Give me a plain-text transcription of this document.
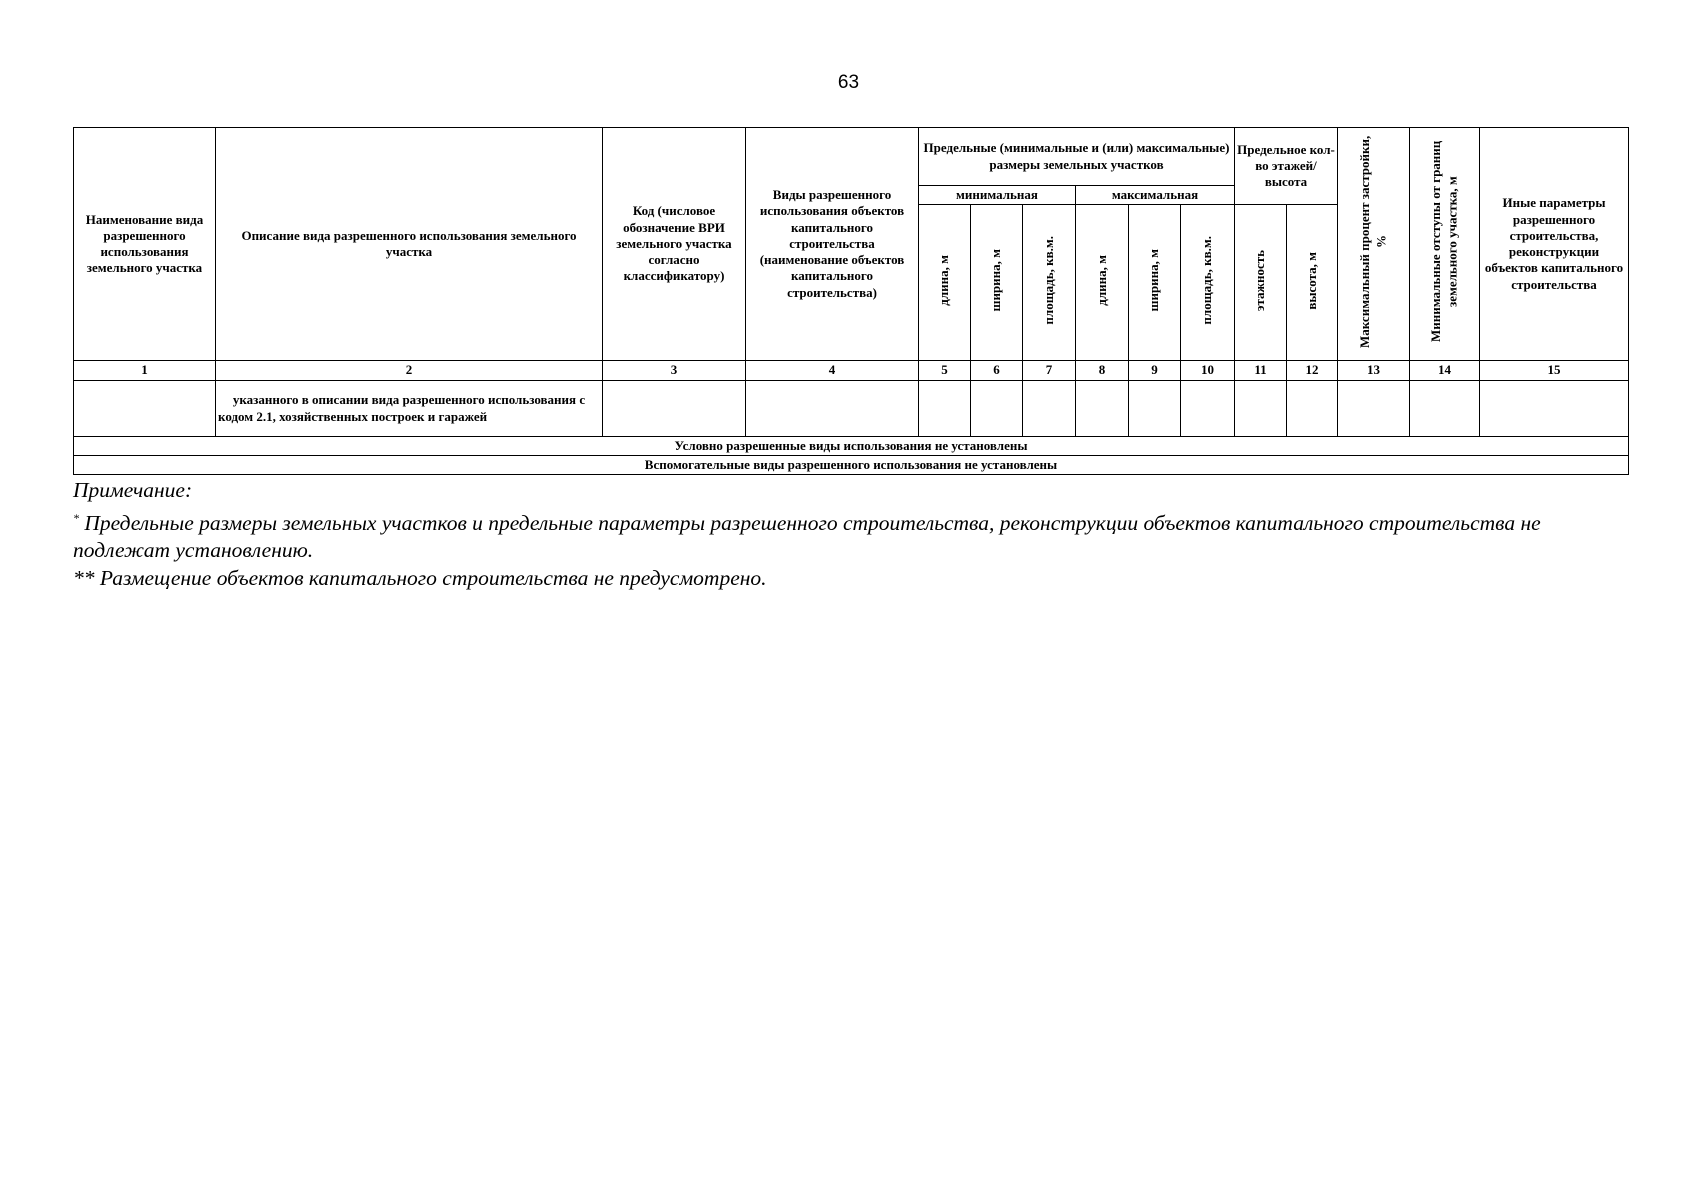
63
Наименование вида разрешенного использования земельного участка	Описание вида разрешенного использования земельного участка	Код (числовое обозначение ВРИ земельного участка согласно классификатору)	Виды разрешенного использования объектов капитального строительства (наименование объектов капитального строительства)	Предельные (минимальные и (или) максимальные) размеры земельных участков						Предельное кол-во этажей/ высота		Максимальный процент застройки, %	Минимальные отступы от границ земельного участка, м	Иные параметры разрешенного строительства, реконструкции объектов капитального строительства
				минимальная			максимальная							
				длина, м	ширина, м	площадь, кв.м.	длина, м	ширина, м	площадь, кв.м.	этажность	высота, м			
1	2	3	4	5	6	7	8	9	10	11	12	13	14	15
	указанного в описании вида разрешенного использования с кодом 2.1, хозяйственных построек и гаражей													
Условно разрешенные виды использования не установлены														
Вспомогательные виды разрешенного использования не установлены														

Примечание:

* Предельные размеры земельных участков и предельные параметры разрешенного строительства, реконструкции объектов капитального строительства не подлежат установлению.

** Размещение объектов капитального строительства не предусмотрено.
